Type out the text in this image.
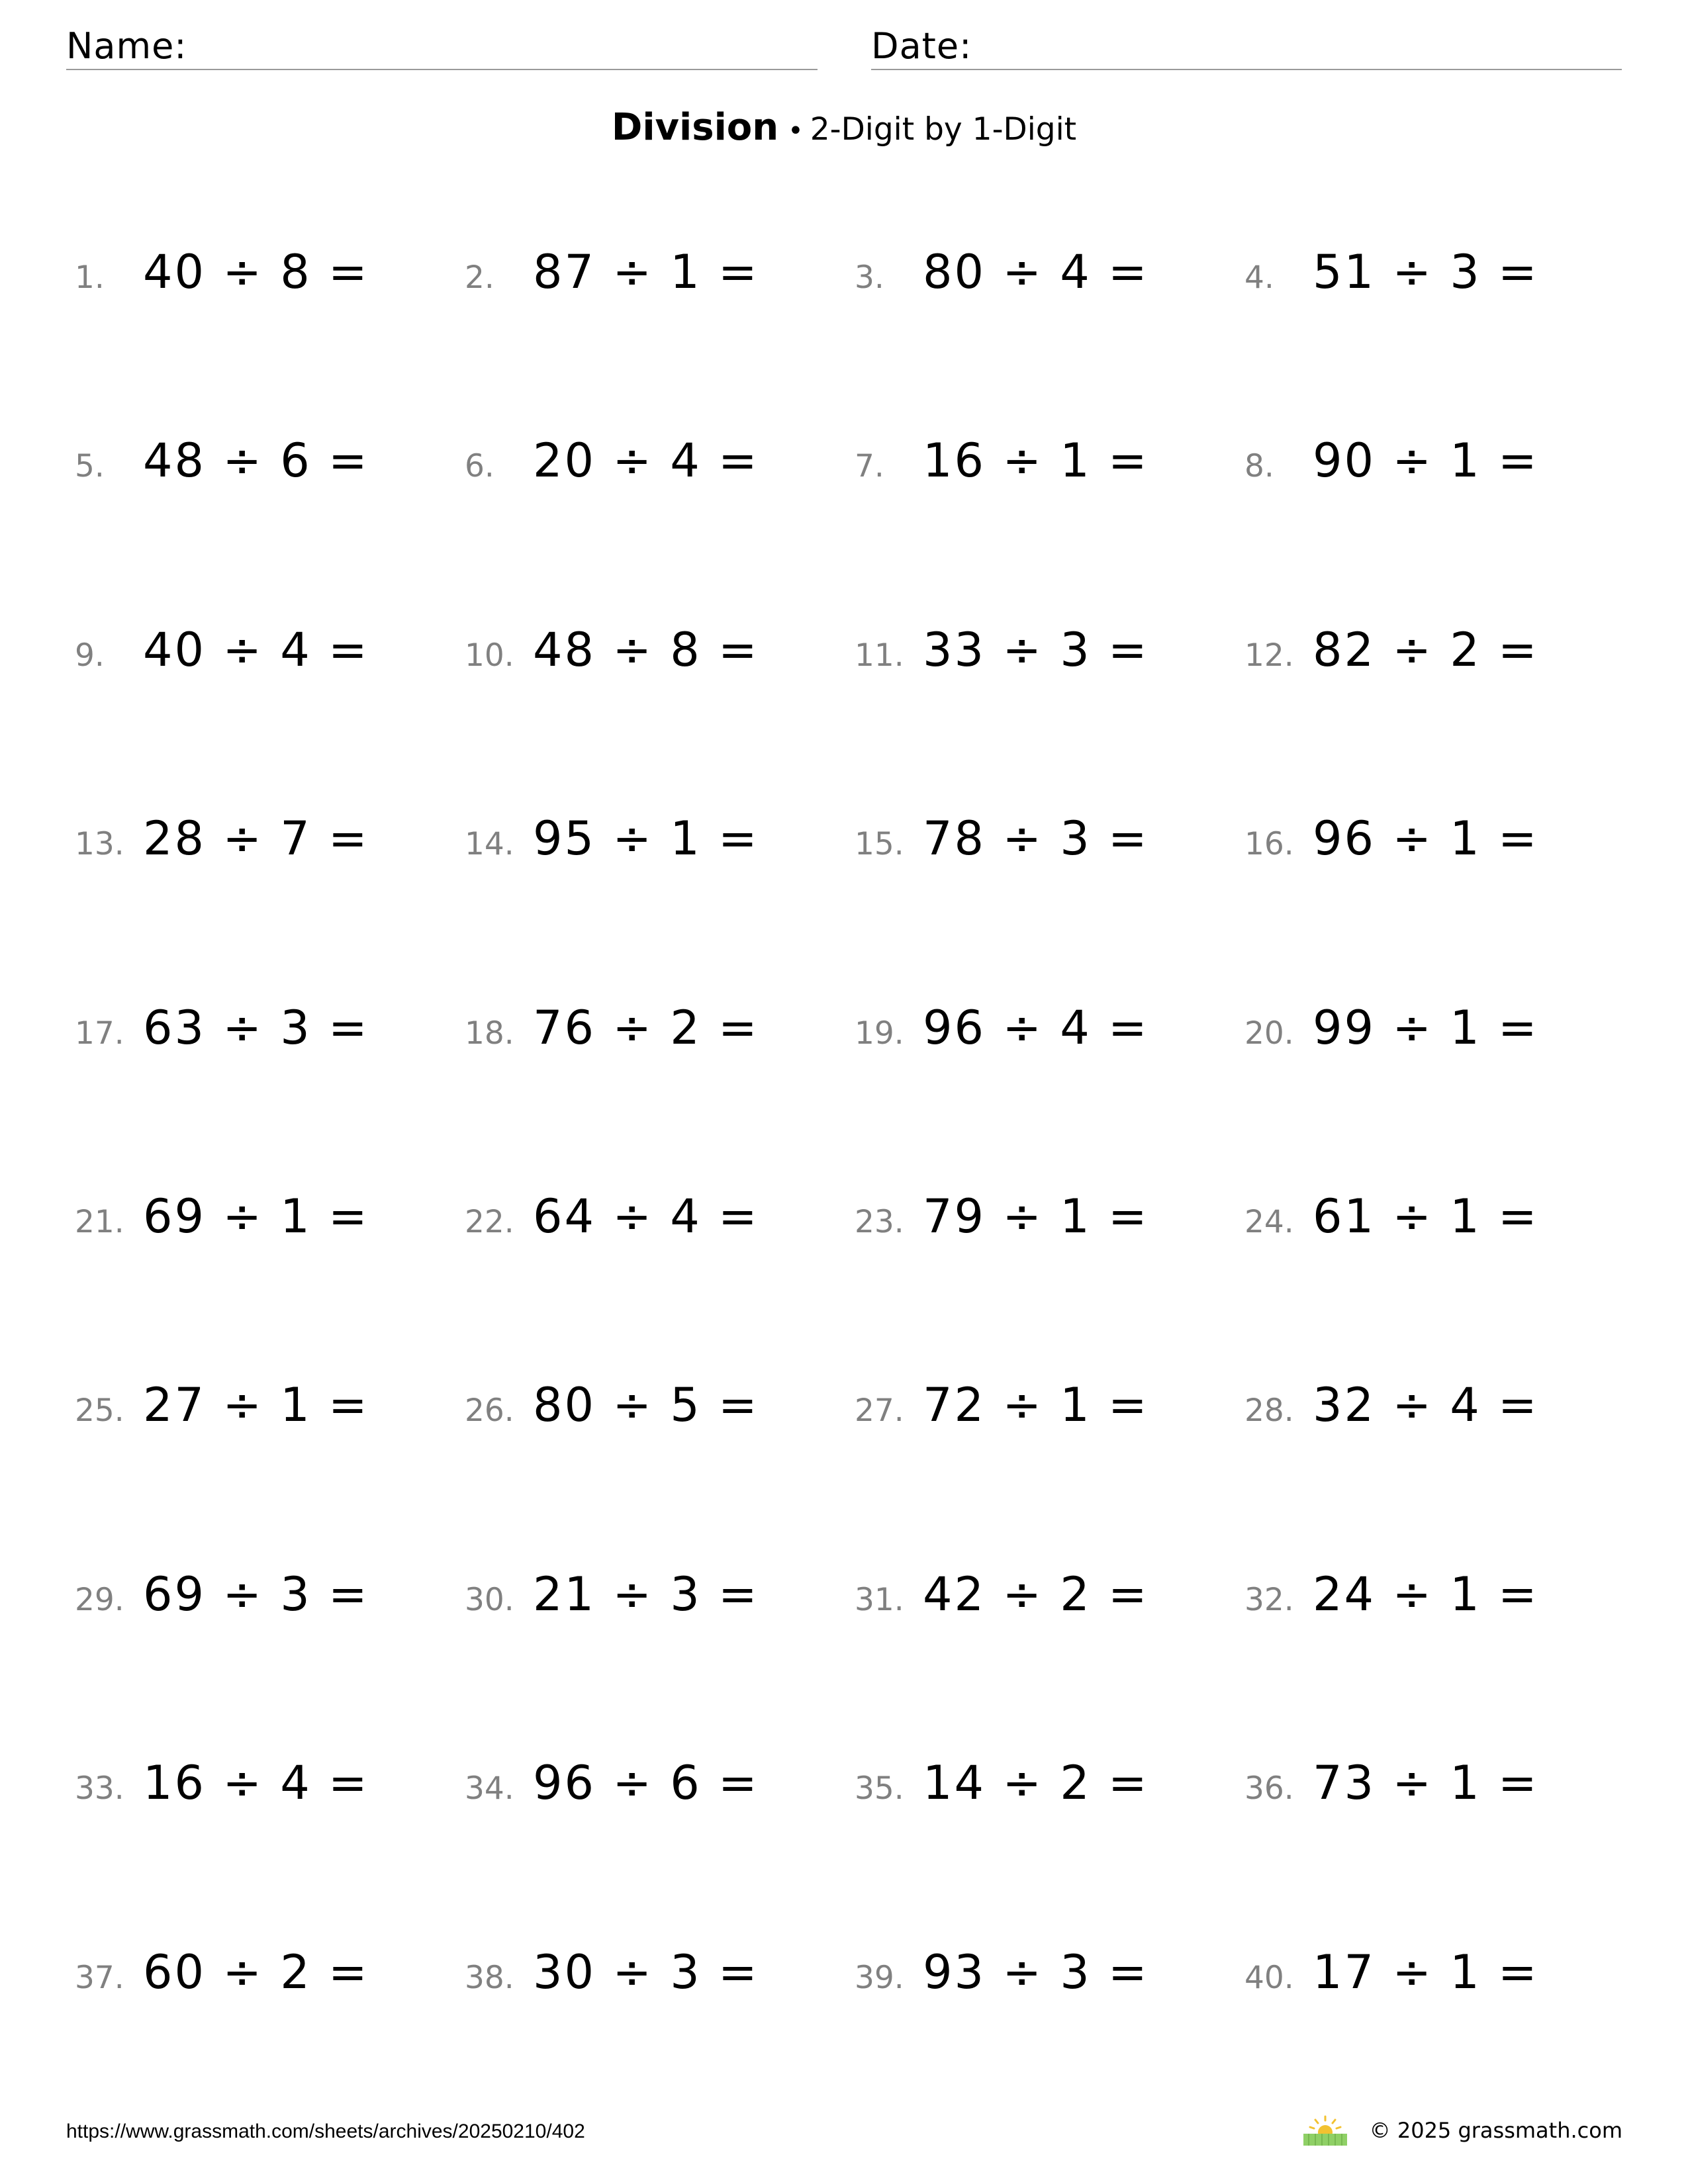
Name:	Date:
Division • 2-Digit by 1-Digit
1. 40 ÷ 8 =	2. 87 ÷ 1 =	3. 80 ÷ 4 =	4. 51 ÷ 3 =
5. 48 ÷ 6 =	6. 20 ÷ 4 =	7. 16 ÷ 1 =	8. 90 ÷ 1 =
9. 40 ÷ 4 =	10. 48 ÷ 8 =	11. 33 ÷ 3 =	12. 82 ÷ 2 =
13. 28 ÷ 7 =	14. 95 ÷ 1 =	15. 78 ÷ 3 =	16. 96 ÷ 1 =
17. 63 ÷ 3 =	18. 76 ÷ 2 =	19. 96 ÷ 4 =	20. 99 ÷ 1 =
21. 69 ÷ 1 =	22. 64 ÷ 4 =	23. 79 ÷ 1 =	24. 61 ÷ 1 =
25. 27 ÷ 1 =	26. 80 ÷ 5 =	27. 72 ÷ 1 =	28. 32 ÷ 4 =
29. 69 ÷ 3 =	30. 21 ÷ 3 =	31. 42 ÷ 2 =	32. 24 ÷ 1 =
33. 16 ÷ 4 =	34. 96 ÷ 6 =	35. 14 ÷ 2 =	36. 73 ÷ 1 =
37. 60 ÷ 2 =	38. 30 ÷ 3 =	39. 93 ÷ 3 =	40. 17 ÷ 1 =
https://www.grassmath.com/sheets/archives/20250210/402	© 2025 grassmath.com
